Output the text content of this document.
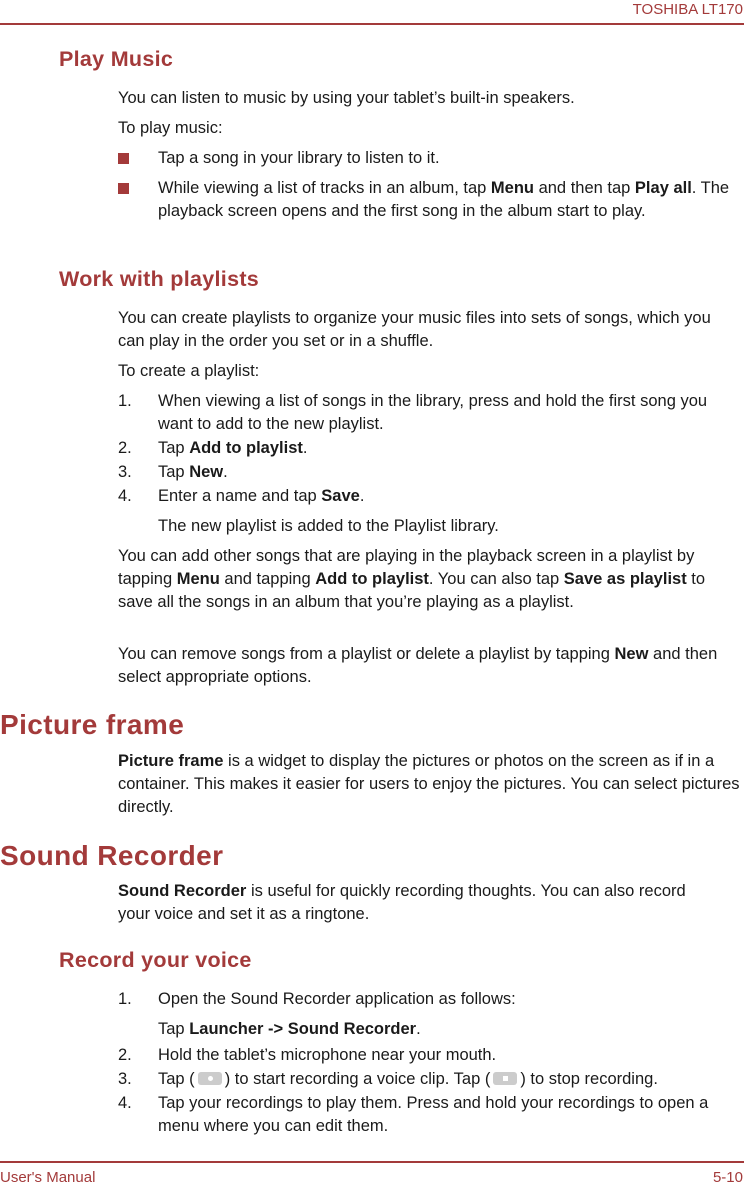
TOSHIBA LT170
Play Music
You can listen to music by using your tablet’s built-in speakers.
To play music:
Tap a song in your library to listen to it.
While viewing a list of tracks in an album, tap Menu and then tap Play all. The playback screen opens and the first song in the album start to play.
Work with playlists
You can create playlists to organize your music files into sets of songs, which you can play in the order you set or in a shuffle.
To create a playlist:
1. When viewing a list of songs in the library, press and hold the first song you want to add to the new playlist.
2. Tap Add to playlist.
3. Tap New.
4. Enter a name and tap Save.
The new playlist is added to the Playlist library.
You can add other songs that are playing in the playback screen in a playlist by tapping Menu and tapping Add to playlist. You can also tap Save as playlist to save all the songs in an album that you’re playing as a playlist.
You can remove songs from a playlist or delete a playlist by tapping New and then select appropriate options.
Picture frame
Picture frame is a widget to display the pictures or photos on the screen as if in a container. This makes it easier for users to enjoy the pictures. You can select pictures directly.
Sound Recorder
Sound Recorder is useful for quickly recording thoughts. You can also record your voice and set it as a ringtone.
Record your voice
1. Open the Sound Recorder application as follows:
Tap Launcher -> Sound Recorder.
2. Hold the tablet’s microphone near your mouth.
3. Tap ( ) to start recording a voice clip. Tap ( ) to stop recording.
4. Tap your recordings to play them. Press and hold your recordings to open a menu where you can edit them.
User's Manual	5-10
